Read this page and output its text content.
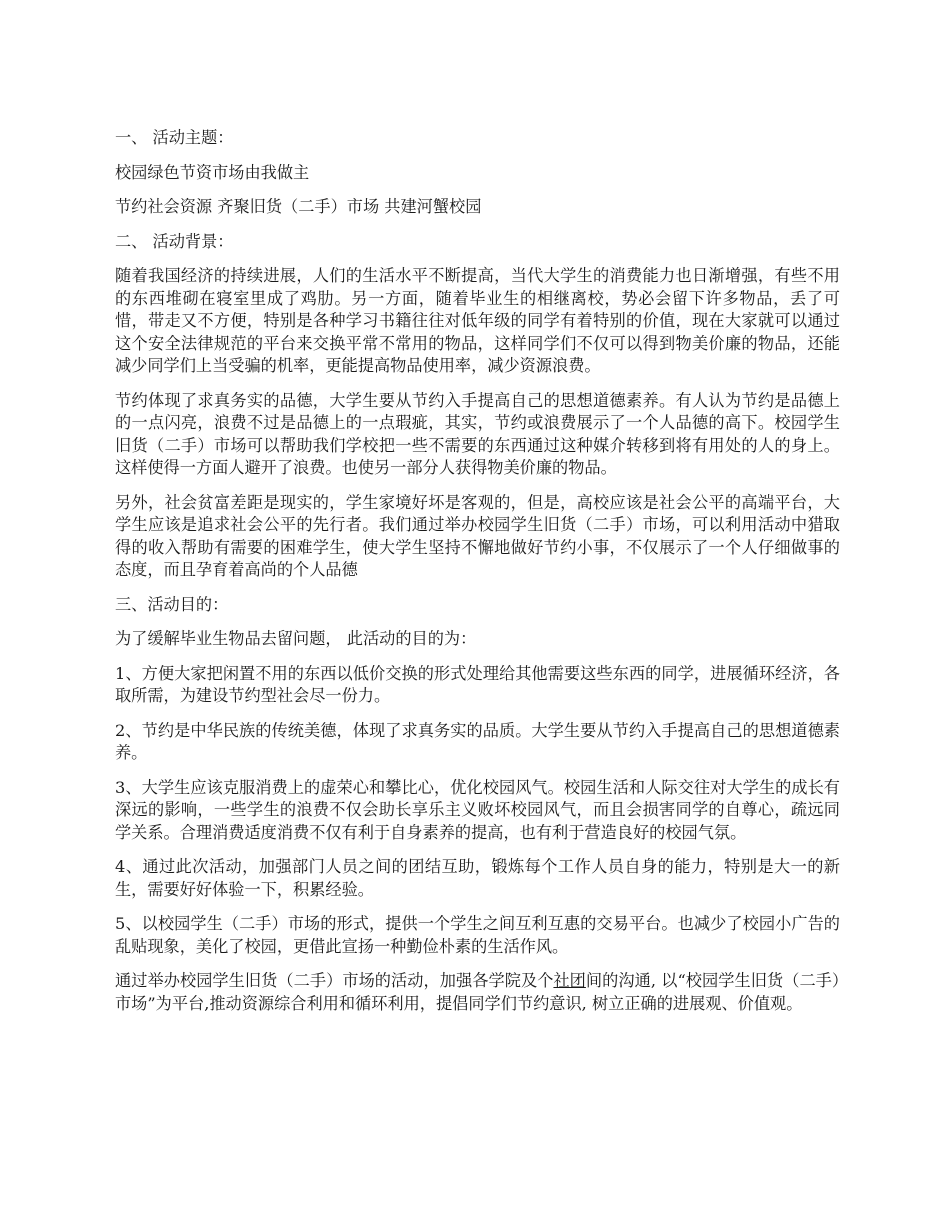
一、 活动主题：

校园绿色节资市场由我做主

节约社会资源 齐聚旧货（二手）市场 共建河蟹校园

二、 活动背景：

随着我国经济的持续进展，人们的生活水平不断提高，当代大学生的消费能力也日渐增强，有些不用的东西堆砌在寝室里成了鸡肋。另一方面，随着毕业生的相继离校，势必会留下许多物品，丢了可惜，带走又不方便，特别是各种学习书籍往往对低年级的同学有着特别的价值，现在大家就可以通过这个安全法律规范的平台来交换平常不常用的物品，这样同学们不仅可以得到物美价廉的物品，还能减少同学们上当受骗的机率，更能提高物品使用率，减少资源浪费。

节约体现了求真务实的品德，大学生要从节约入手提高自己的思想道德素养。有人认为节约是品德上的一点闪亮，浪费不过是品德上的一点瑕疵，其实，节约或浪费展示了一个人品德的高下。校园学生旧货（二手）市场可以帮助我们学校把一些不需要的东西通过这种媒介转移到将有用处的人的身上。这样使得一方面人避开了浪费。也使另一部分人获得物美价廉的物品。

另外，社会贫富差距是现实的，学生家境好坏是客观的，但是，高校应该是社会公平的高端平台，大学生应该是追求社会公平的先行者。我们通过举办校园学生旧货（二手）市场，可以利用活动中猎取得的收入帮助有需要的困难学生，使大学生坚持不懈地做好节约小事，不仅展示了一个人仔细做事的态度，而且孕育着高尚的个人品德

三、活动目的：

为了缓解毕业生物品去留问题， 此活动的目的为：

1、方便大家把闲置不用的东西以低价交换的形式处理给其他需要这些东西的同学，进展循环经济，各取所需，为建设节约型社会尽一份力。

2、节约是中华民族的传统美德，体现了求真务实的品质。大学生要从节约入手提高自己的思想道德素养。

3、大学生应该克服消费上的虚荣心和攀比心，优化校园风气。校园生活和人际交往对大学生的成长有深远的影响，一些学生的浪费不仅会助长享乐主义败坏校园风气，而且会损害同学的自尊心，疏远同学关系。合理消费适度消费不仅有利于自身素养的提高，也有利于营造良好的校园气氛。

4、通过此次活动，加强部门人员之间的团结互助，锻炼每个工作人员自身的能力，特别是大一的新生，需要好好体验一下，积累经验。

5、以校园学生（二手）市场的形式，提供一个学生之间互利互惠的交易平台。也减少了校园小广告的乱贴现象，美化了校园，更借此宣扬一种勤俭朴素的生活作风。

通过举办校园学生旧货（二手）市场的活动，加强各学院及个社团间的沟通, 以“校园学生旧货（二手）市场”为平台,推动资源综合利用和循环利用，提倡同学们节约意识, 树立正确的进展观、价值观。
